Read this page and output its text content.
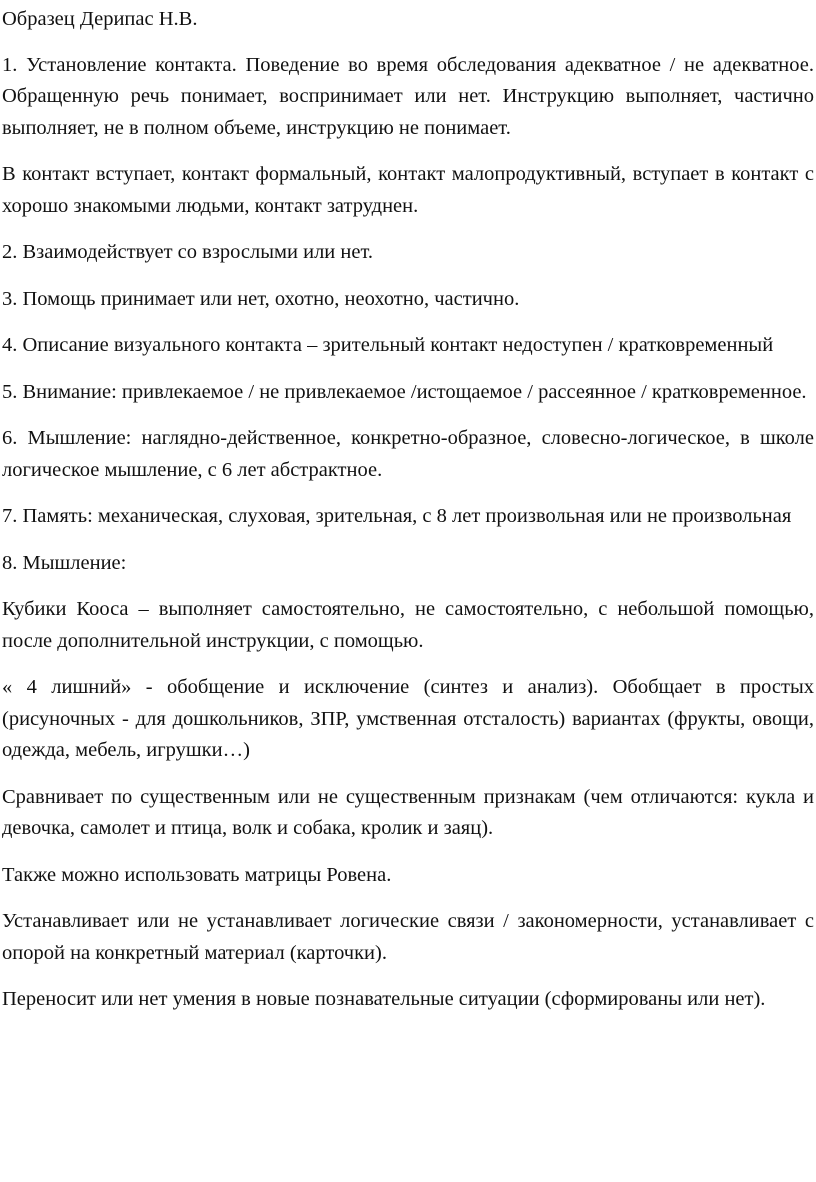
Образец Дерипас Н.В.

1. Установление контакта. Поведение во время обследования адекватное / не адекватное. Обращенную речь понимает, воспринимает или нет. Инструкцию выполняет, частично выполняет, не в полном объеме, инструкцию не понимает.

В контакт вступает, контакт формальный, контакт малопродуктивный, вступает в контакт с хорошо знакомыми людьми, контакт затруднен.

2. Взаимодействует со взрослыми или нет.

3. Помощь принимает или нет, охотно, неохотно, частично.

4. Описание визуального контакта – зрительный контакт недоступен / кратковременный

5. Внимание: привлекаемое / не привлекаемое /истощаемое / рассеянное / кратковременное.

6. Мышление: наглядно-действенное, конкретно-образное, словесно-логическое, в школе логическое мышление, с 6 лет абстрактное.

7. Память: механическая, слуховая, зрительная, с 8 лет произвольная или не произвольная

8. Мышление:

Кубики Кооса – выполняет самостоятельно, не самостоятельно, с небольшой помощью, после дополнительной инструкции, с помощью.

« 4 лишний» - обобщение и исключение (синтез и анализ). Обобщает в простых (рисуночных - для дошкольников, ЗПР, умственная отсталость) вариантах (фрукты, овощи, одежда, мебель, игрушки…)

Сравнивает по существенным или не существенным признакам (чем отличаются: кукла и девочка, самолет и птица, волк и собака, кролик и заяц).

Также можно использовать матрицы Ровена.

Устанавливает или не устанавливает логические связи / закономерности, устанавливает с опорой на конкретный материал (карточки).

Переносит или нет умения в новые познавательные ситуации (сформированы или нет).
